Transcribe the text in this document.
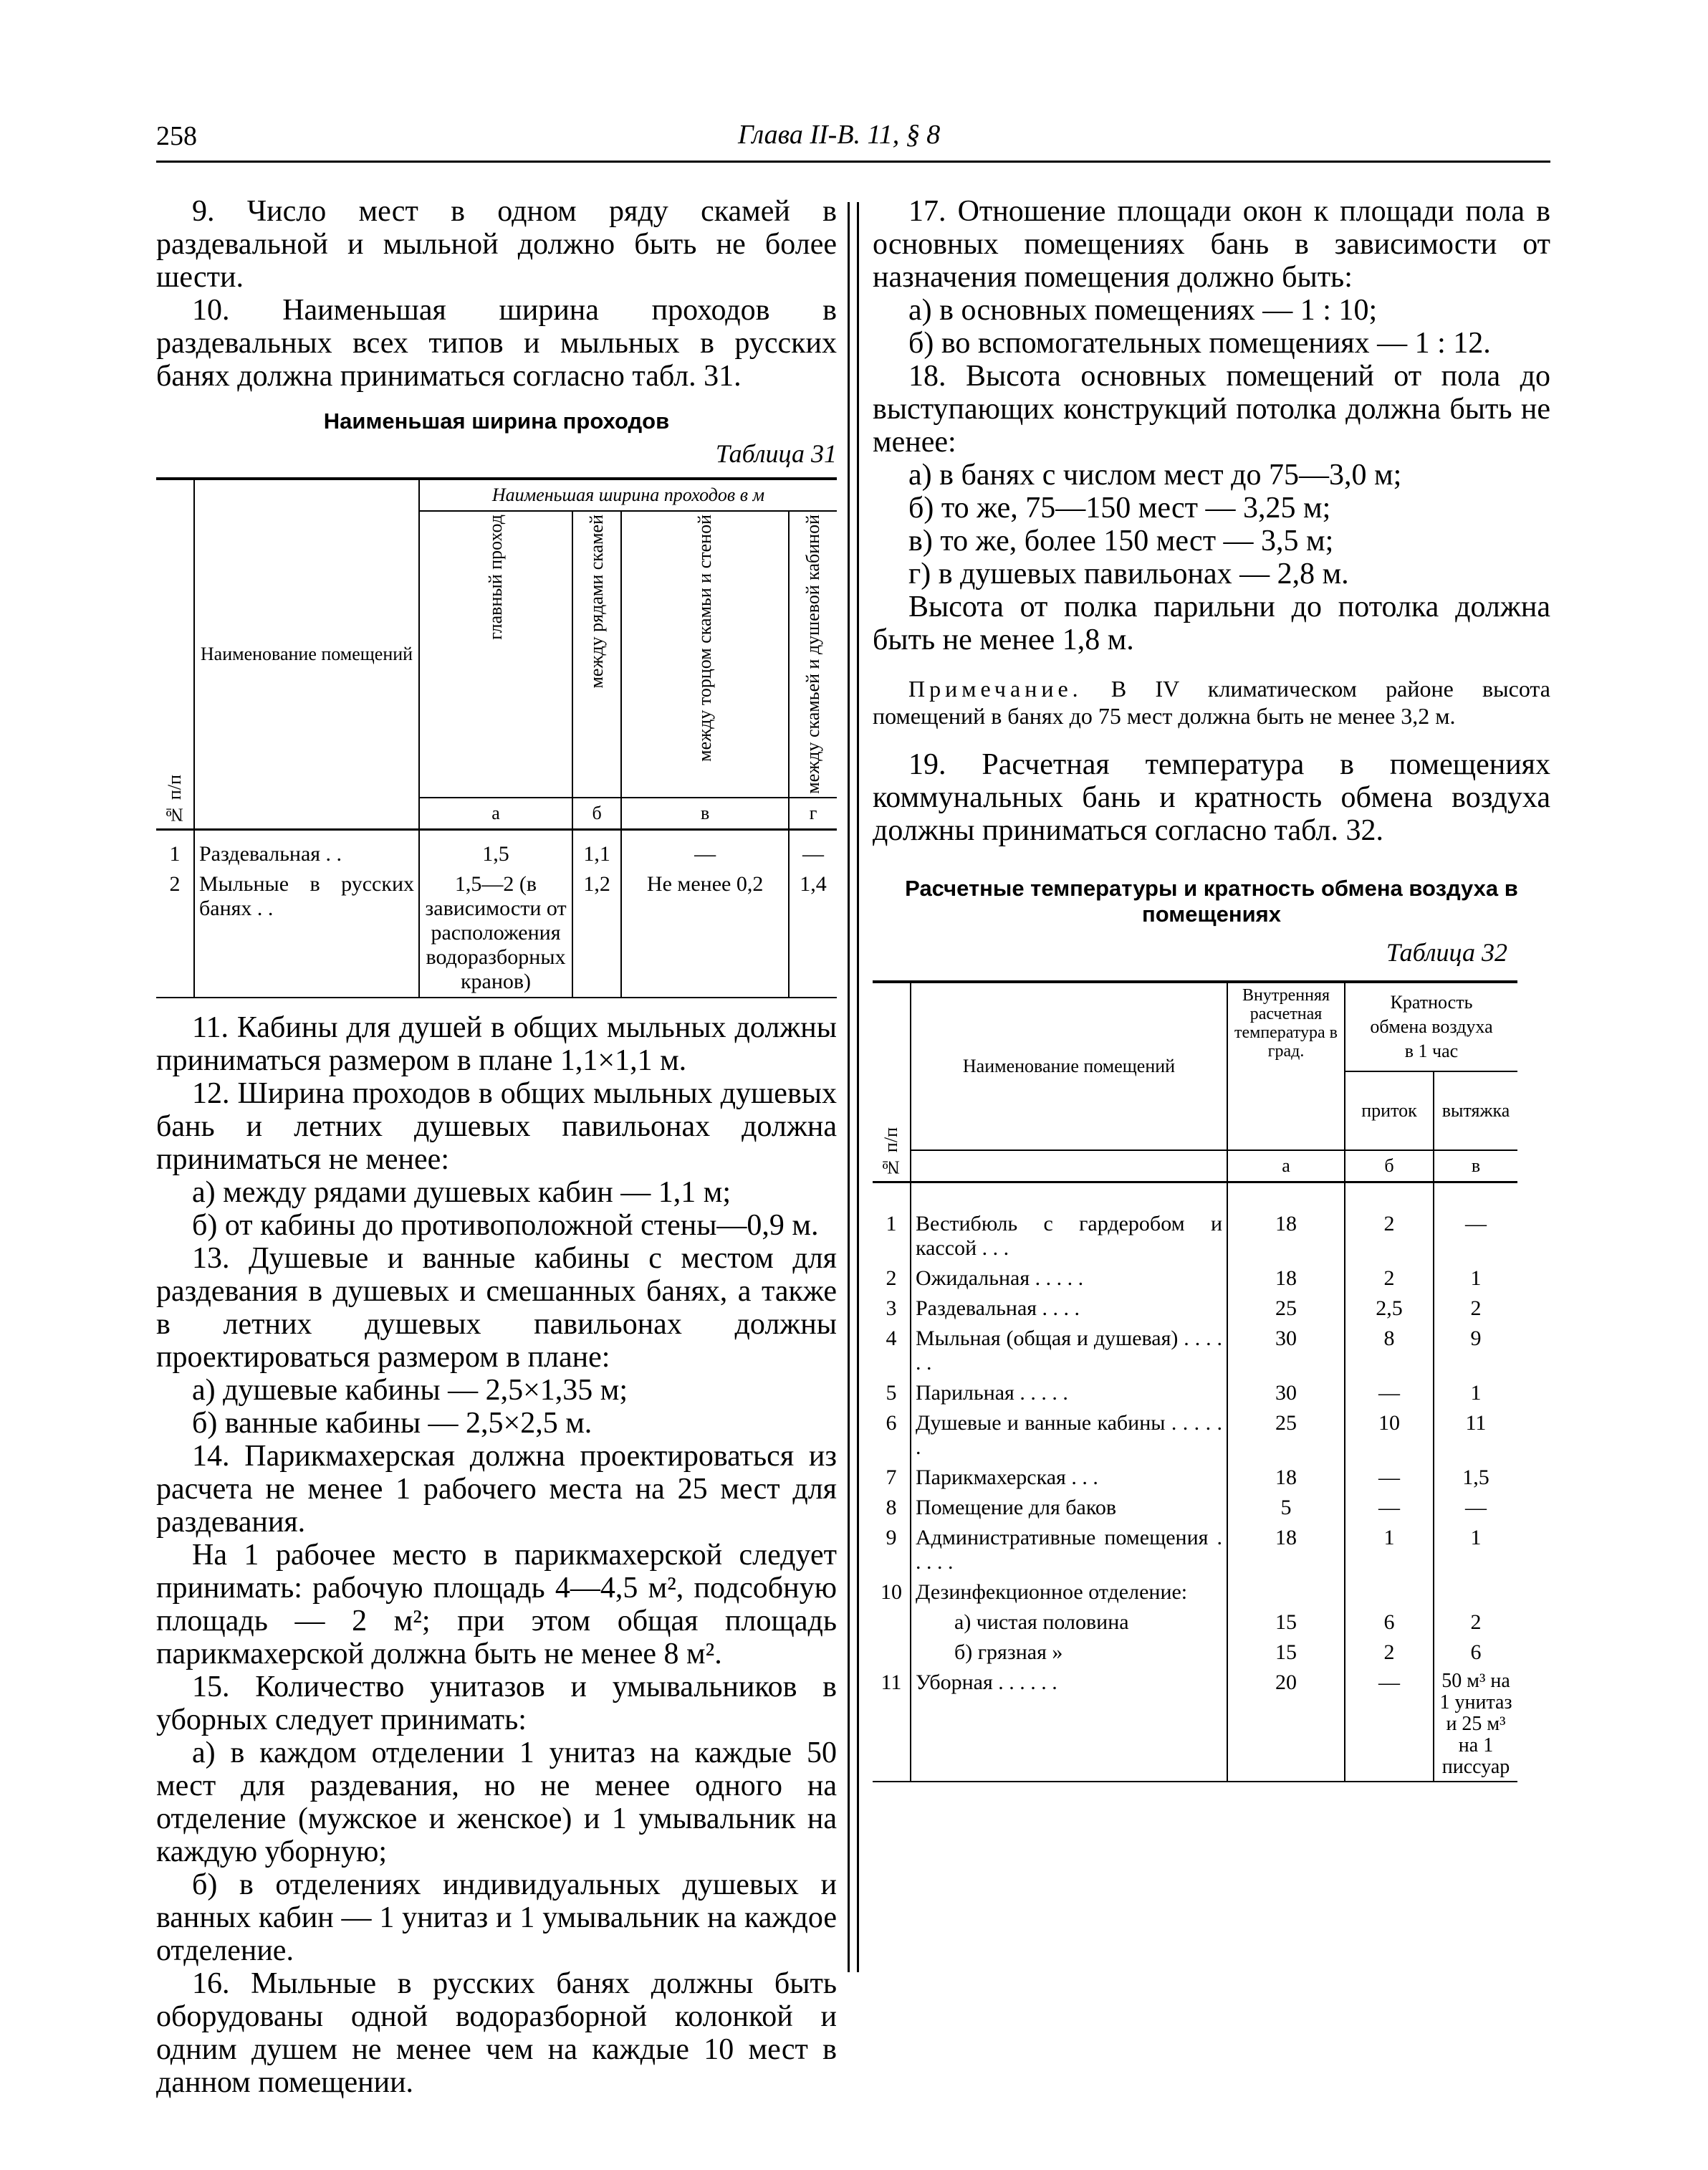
258	Глава II-В. 11, § 8

9. Число мест в одном ряду скамей в раздевальной и мыльной должно быть не более шести.

10. Наименьшая ширина проходов в раздевальных всех типов и мыльных в русских банях должна приниматься согласно табл. 31.

Наименьшая ширина проходов
Таблица 31
№ п/п	Наименование помещений	Наименьшая ширина проходов в м			

		главный проход	между рядами скамей	между торцом скамьи и стеной	между скамьей и душевой кабиной

		а	б	в	г
1	Раздевальная . .	1,5	1,1	—	—
2	Мыльные в русских банях . .	1,5—2 (в зависимости от расположения водоразборных кранов)	1,2	Не менее 0,2	1,4

11. Кабины для душей в общих мыльных должны приниматься размером в плане 1,1×1,1 м.

12. Ширина проходов в общих мыльных душевых бань и летних душевых павильонах должна приниматься не менее:

а) между рядами душевых кабин — 1,1 м;

б) от кабины до противоположной стены—0,9 м.

13. Душевые и ванные кабины с местом для раздевания в душевых и смешанных банях, а также в летних душевых павильонах должны проектироваться размером в плане:

а) душевые кабины — 2,5×1,35 м;

б) ванные кабины — 2,5×2,5 м.

14. Парикмахерская должна проектироваться из расчета не менее 1 рабочего места на 25 мест для раздевания.

На 1 рабочее место в парикмахерской следует принимать: рабочую площадь 4—4,5 м², подсобную площадь — 2 м²; при этом общая площадь парикмахерской должна быть не менее 8 м².

15. Количество унитазов и умывальников в уборных следует принимать:

а) в каждом отделении 1 унитаз на каждые 50 мест для раздевания, но не менее одного на отделение (мужское и женское) и 1 умывальник на каждую уборную;

б) в отделениях индивидуальных душевых и ванных кабин — 1 унитаз и 1 умывальник на каждое отделение.

16. Мыльные в русских банях должны быть оборудованы одной водоразборной колонкой и одним душем не менее чем на каждые 10 мест в данном помещении.

17. Отношение площади окон к площади пола в основных помещениях бань в зависимости от назначения помещения должно быть:

а) в основных помещениях — 1 : 10;

б) во вспомогательных помещениях — 1 : 12.

18. Высота основных помещений от пола до выступающих конструкций потолка должна быть не менее:

а) в банях с числом мест до 75—3,0 м;

б) то же, 75—150 мест — 3,25 м;

в) то же, более 150 мест — 3,5 м;

г) в душевых павильонах — 2,8 м.

Высота от полка парильни до потолка должна быть не менее 1,8 м.

Примечание. В IV климатическом районе высота помещений в банях до 75 мест должна быть не менее 3,2 м.

19. Расчетная температура в помещениях коммунальных бань и кратность обмена воздуха должны приниматься согласно табл. 32.

Расчетные температуры и кратность обмена воздуха в помещениях
Таблица 32
№ п/п	Наименование помещений	Внутренняя расчетная температура в град.	Кратность обмена воздуха в 1 час	
			приток	вытяжка
		а	б	в
1	Вестибюль с гардеробом и кассой . . .	18	2	—
2	Ожидальная . . . . .	18	2	1
3	Раздевальная . . . .	25	2,5	2
4	Мыльная (общая и душевая) . . . . . .	30	8	9
5	Парильная . . . . .	30	—	1
6	Душевые и ванные кабины . . . . . .	25	10	11
7	Парикмахерская . . .	18	—	1,5
8	Помещение для баков	5	—	—
9	Административные помещения . . . . .	18	1	1
10	Дезинфекционное отделение:			
	а) чистая половина	15	6	2
	б) грязная »	15	2	6
11	Уборная . . . . . .	20	—	50 м³ на 1 унитаз и 25 м³ на 1 писсуар
